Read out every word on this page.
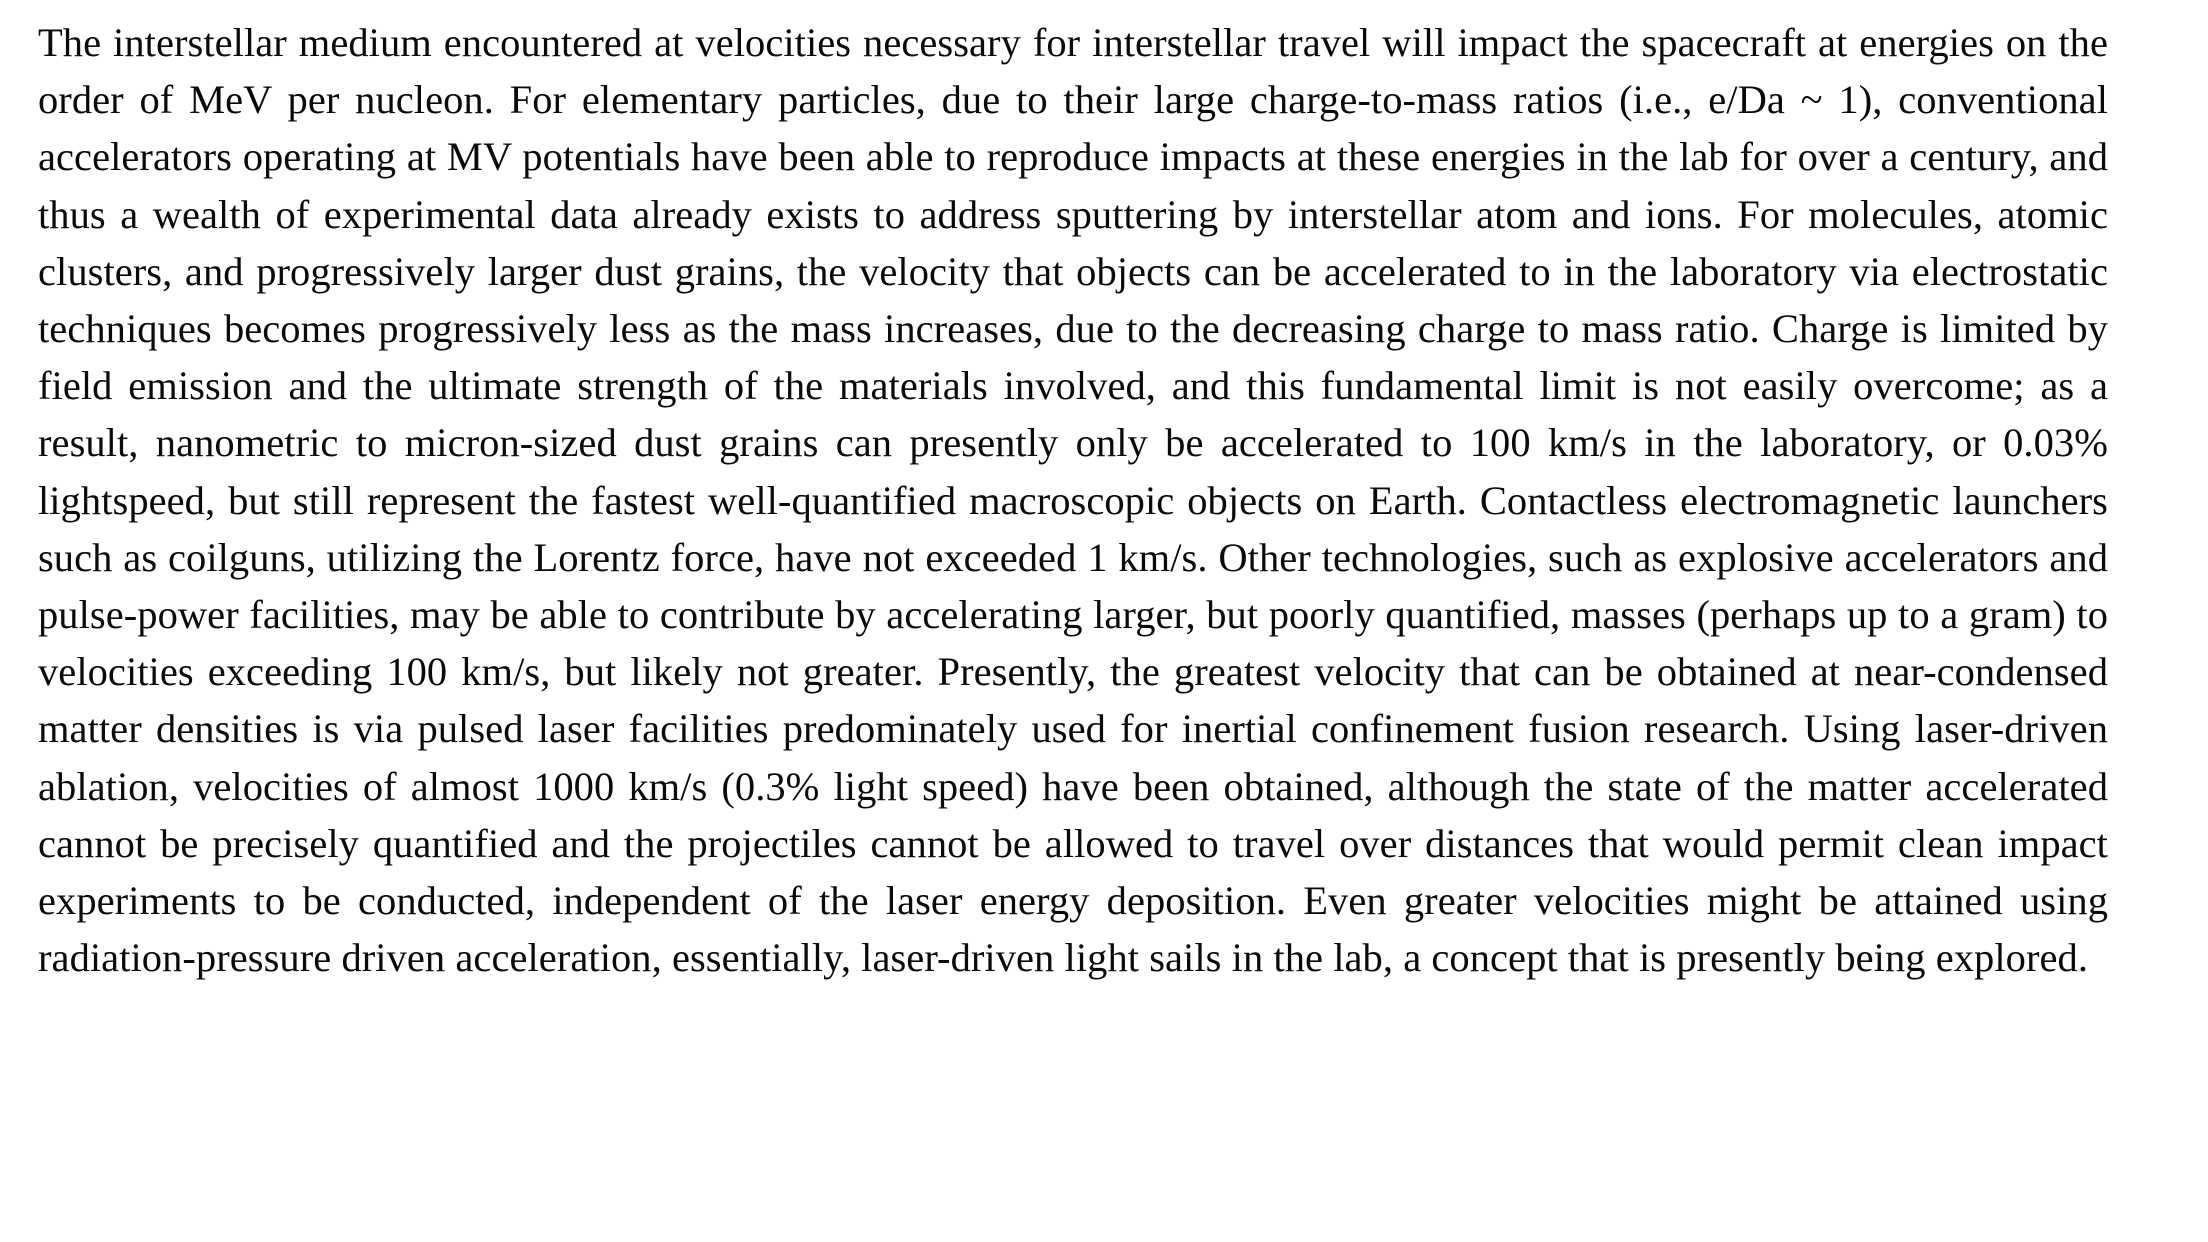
The interstellar medium encountered at velocities necessary for interstellar travel will impact the spacecraft at energies on the order of MeV per nucleon. For elementary particles, due to their large charge-to-mass ratios (i.e., e/Da ~ 1), conventional accelerators operating at MV potentials have been able to reproduce impacts at these energies in the lab for over a century, and thus a wealth of experimental data already exists to address sputtering by interstellar atom and ions. For molecules, atomic clusters, and progressively larger dust grains, the velocity that objects can be accelerated to in the laboratory via electrostatic techniques becomes progressively less as the mass increases, due to the decreasing charge to mass ratio. Charge is limited by field emission and the ultimate strength of the materials involved, and this fundamental limit is not easily overcome; as a result, nanometric to micron-sized dust grains can presently only be accelerated to 100 km/s in the laboratory, or 0.03% lightspeed, but still represent the fastest well-quantified macroscopic objects on Earth. Contactless electromagnetic launchers such as coilguns, utilizing the Lorentz force, have not exceeded 1 km/s. Other technologies, such as explosive accelerators and pulse-power facilities, may be able to contribute by accelerating larger, but poorly quantified, masses (perhaps up to a gram) to velocities exceeding 100 km/s, but likely not greater. Presently, the greatest velocity that can be obtained at near-condensed matter densities is via pulsed laser facilities predominately used for inertial confinement fusion research. Using laser-driven ablation, velocities of almost 1000 km/s (0.3% light speed) have been obtained, although the state of the matter accelerated cannot be precisely quantified and the projectiles cannot be allowed to travel over distances that would permit clean impact experiments to be conducted, independent of the laser energy deposition. Even greater velocities might be attained using radiation-pressure driven acceleration, essentially, laser-driven light sails in the lab, a concept that is presently being explored.
